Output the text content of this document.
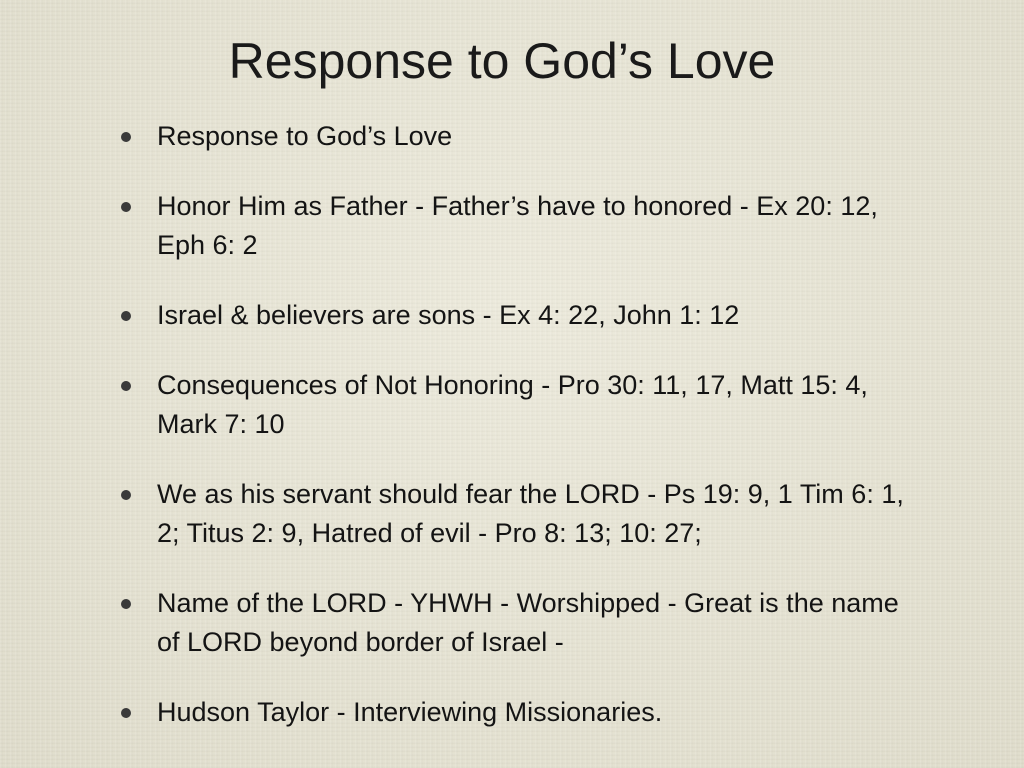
Response to God’s Love
Response to God’s Love
Honor Him as Father - Father’s have to honored - Ex 20: 12, Eph 6: 2
Israel & believers are sons - Ex 4: 22, John 1: 12
Consequences of Not Honoring - Pro 30: 11, 17, Matt 15: 4, Mark 7: 10
We as his servant should fear the LORD - Ps 19: 9, 1 Tim 6: 1, 2; Titus 2: 9, Hatred of evil - Pro 8: 13; 10: 27;
Name of the LORD - YHWH - Worshipped - Great is the name of LORD beyond border of Israel -
Hudson Taylor - Interviewing Missionaries.
